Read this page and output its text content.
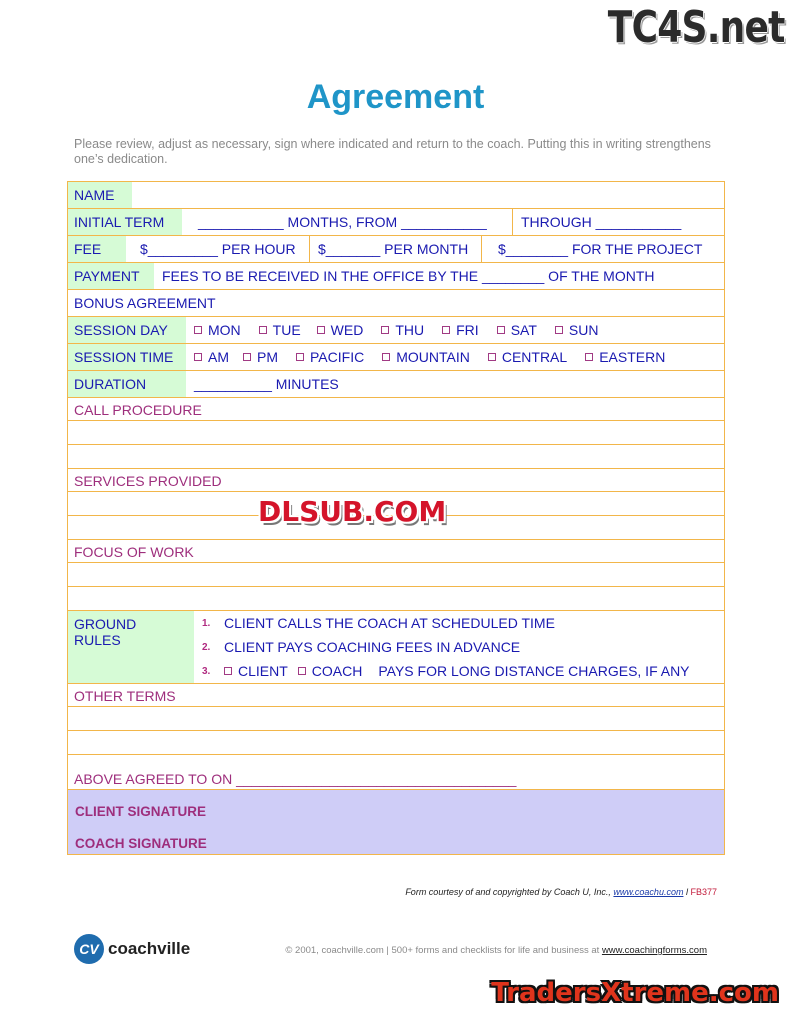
TC4S.net
Agreement
Please review, adjust as necessary, sign where indicated and return to the coach. Putting this in writing strengthens one’s dedication.
NAME
INITIAL TERM	___________ MONTHS, FROM ___________	THROUGH ___________
FEE	$_________ PER HOUR	$_______ PER MONTH	$________ FOR THE PROJECT
PAYMENT	FEES TO BE RECEIVED IN THE OFFICE BY THE ________ OF THE MONTH
BONUS AGREEMENT
SESSION DAY	MON TUE WED THU FRI SAT SUN
SESSION TIME	AM PM PACIFIC MOUNTAIN CENTRAL EASTERN
DURATION	__________ MINUTES
CALL PROCEDURE
SERVICES PROVIDED
FOCUS OF WORK
GROUND RULES
1. CLIENT CALLS THE COACH AT SCHEDULED TIME
2. CLIENT PAYS COACHING FEES IN ADVANCE
3.	CLIENT COACH PAYS FOR LONG DISTANCE CHARGES, IF ANY
OTHER TERMS
ABOVE AGREED TO ON ____________________________________
CLIENT SIGNATURE
COACH SIGNATURE
DLSUB.COM
Form courtesy of and copyrighted by Coach U, Inc., www.coachu.com l FB377
CV coachville	© 2001, coachville.com | 500+ forms and checklists for life and business at www.coachingforms.com
TradersXtreme.com
